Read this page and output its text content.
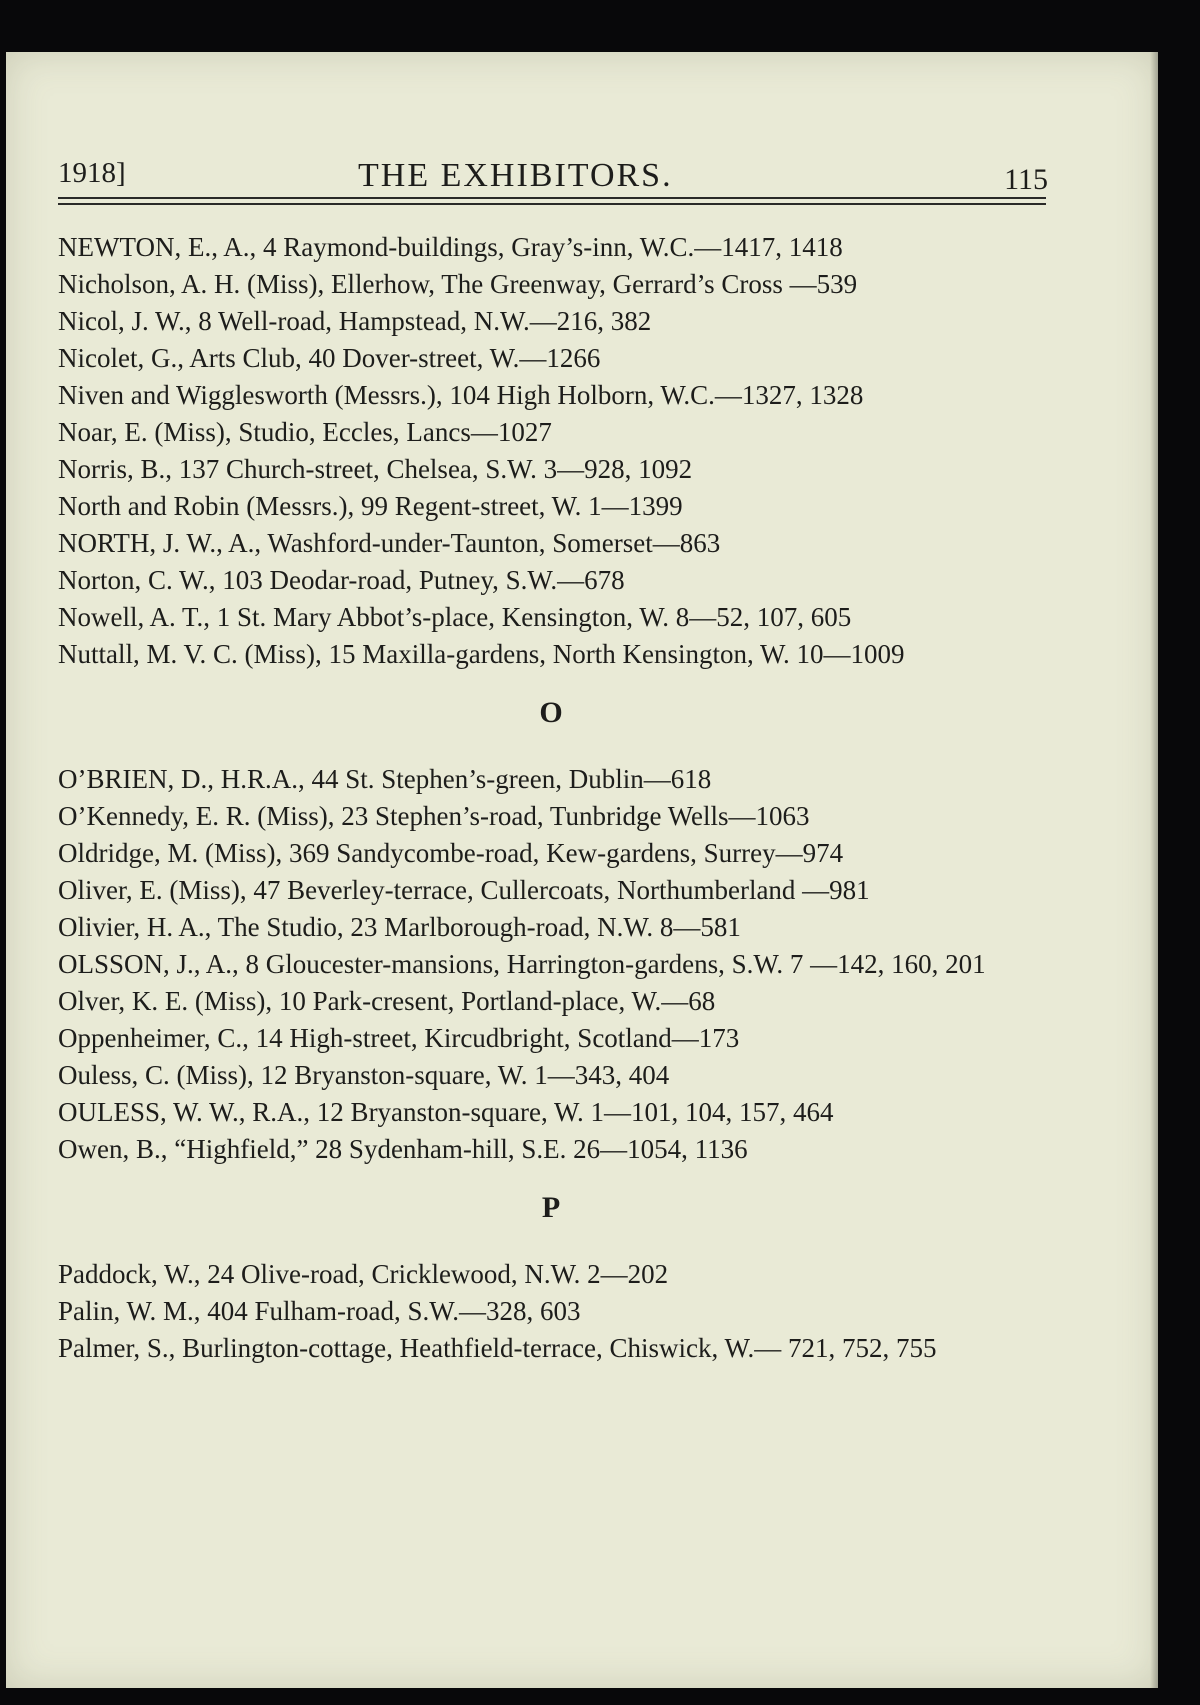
1918]	THE EXHIBITORS.	115
NEWTON, E., A., 4 Raymond-buildings, Gray’s-inn, W.C.—1417, 1418
Nicholson, A. H. (Miss), Ellerhow, The Greenway, Gerrard’s Cross —539
Nicol, J. W., 8 Well-road, Hampstead, N.W.—216, 382
Nicolet, G., Arts Club, 40 Dover-street, W.—1266
Niven and Wigglesworth (Messrs.), 104 High Holborn, W.C.—1327, 1328
Noar, E. (Miss), Studio, Eccles, Lancs—1027
Norris, B., 137 Church-street, Chelsea, S.W. 3—928, 1092
North and Robin (Messrs.), 99 Regent-street, W. 1—1399
NORTH, J. W., A., Washford-under-Taunton, Somerset—863
Norton, C. W., 103 Deodar-road, Putney, S.W.—678
Nowell, A. T., 1 St. Mary Abbot’s-place, Kensington, W. 8—52, 107, 605
Nuttall, M. V. C. (Miss), 15 Maxilla-gardens, North Kensington, W. 10—1009
O
O’BRIEN, D., H.R.A., 44 St. Stephen’s-green, Dublin—618
O’Kennedy, E. R. (Miss), 23 Stephen’s-road, Tunbridge Wells—1063
Oldridge, M. (Miss), 369 Sandycombe-road, Kew-gardens, Surrey—974
Oliver, E. (Miss), 47 Beverley-terrace, Cullercoats, Northumberland —981
Olivier, H. A., The Studio, 23 Marlborough-road, N.W. 8—581
OLSSON, J., A., 8 Gloucester-mansions, Harrington-gardens, S.W. 7 —142, 160, 201
Olver, K. E. (Miss), 10 Park-cresent, Portland-place, W.—68
Oppenheimer, C., 14 High-street, Kircudbright, Scotland—173
Ouless, C. (Miss), 12 Bryanston-square, W. 1—343, 404
OULESS, W. W., R.A., 12 Bryanston-square, W. 1—101, 104, 157, 464
Owen, B., “Highfield,” 28 Sydenham-hill, S.E. 26—1054, 1136
P
Paddock, W., 24 Olive-road, Cricklewood, N.W. 2—202
Palin, W. M., 404 Fulham-road, S.W.—328, 603
Palmer, S., Burlington-cottage, Heathfield-terrace, Chiswick, W.— 721, 752, 755
